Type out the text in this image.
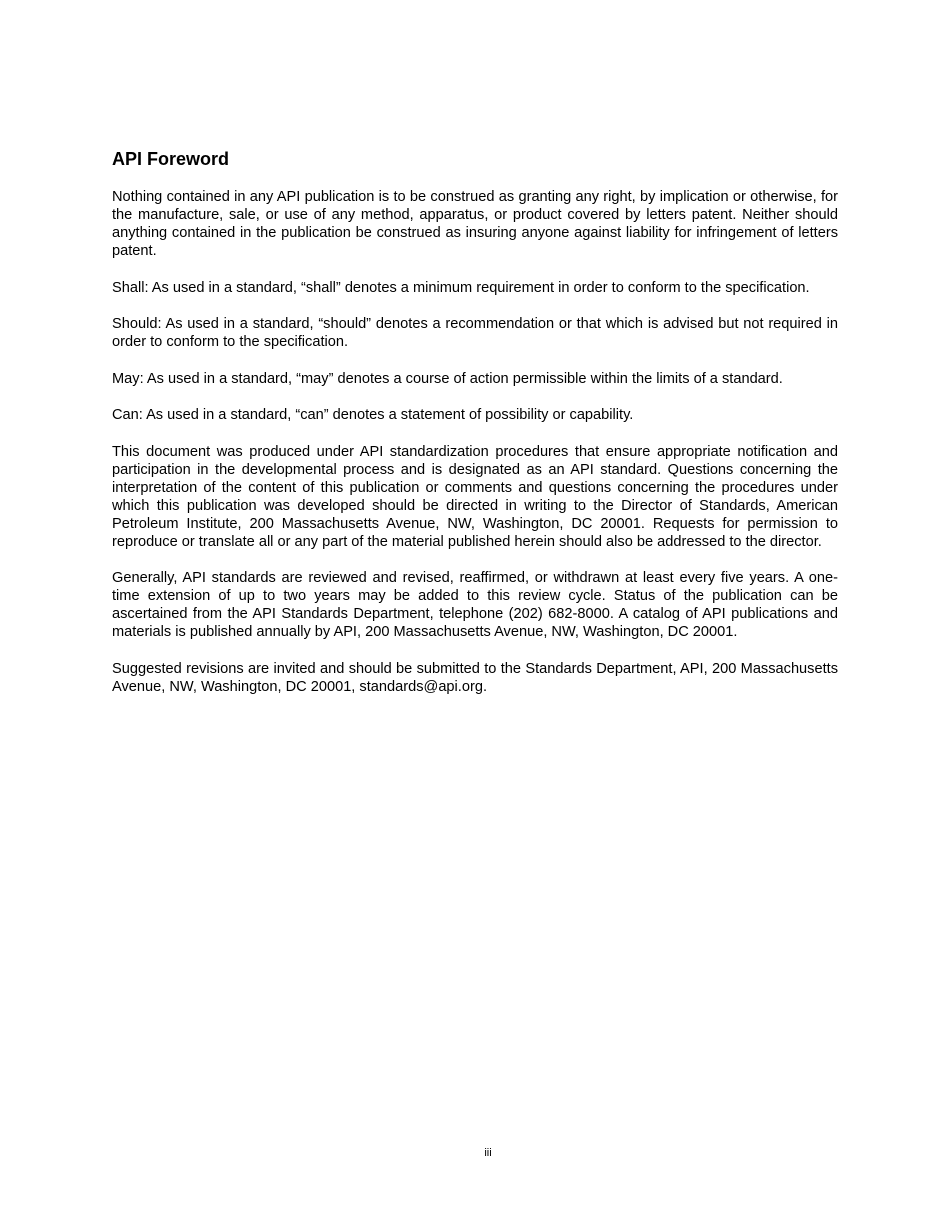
API Foreword

Nothing contained in any API publication is to be construed as granting any right, by implication or otherwise, for the manufacture, sale, or use of any method, apparatus, or product covered by letters patent. Neither should anything contained in the publication be construed as insuring anyone against liability for infringement of letters patent.

Shall: As used in a standard, “shall” denotes a minimum requirement in order to conform to the specification.

Should: As used in a standard, “should” denotes a recommendation or that which is advised but not required in order to conform to the specification.

May: As used in a standard, “may” denotes a course of action permissible within the limits of a standard.

Can: As used in a standard, “can” denotes a statement of possibility or capability.

This document was produced under API standardization procedures that ensure appropriate notification and participation in the developmental process and is designated as an API standard. Questions concerning the interpretation of the content of this publication or comments and questions concerning the procedures under which this publication was developed should be directed in writing to the Director of Standards, American Petroleum Institute, 200 Massachusetts Avenue, NW, Washington, DC 20001. Requests for permission to reproduce or translate all or any part of the material published herein should also be addressed to the director.

Generally, API standards are reviewed and revised, reaffirmed, or withdrawn at least every five years. A one-time extension of up to two years may be added to this review cycle. Status of the publication can be ascertained from the API Standards Department, telephone (202) 682-8000. A catalog of API publications and materials is published annually by API, 200 Massachusetts Avenue, NW, Washington, DC 20001.

Suggested revisions are invited and should be submitted to the Standards Department, API, 200 Massachusetts Avenue, NW, Washington, DC 20001, standards@api.org.

iii
